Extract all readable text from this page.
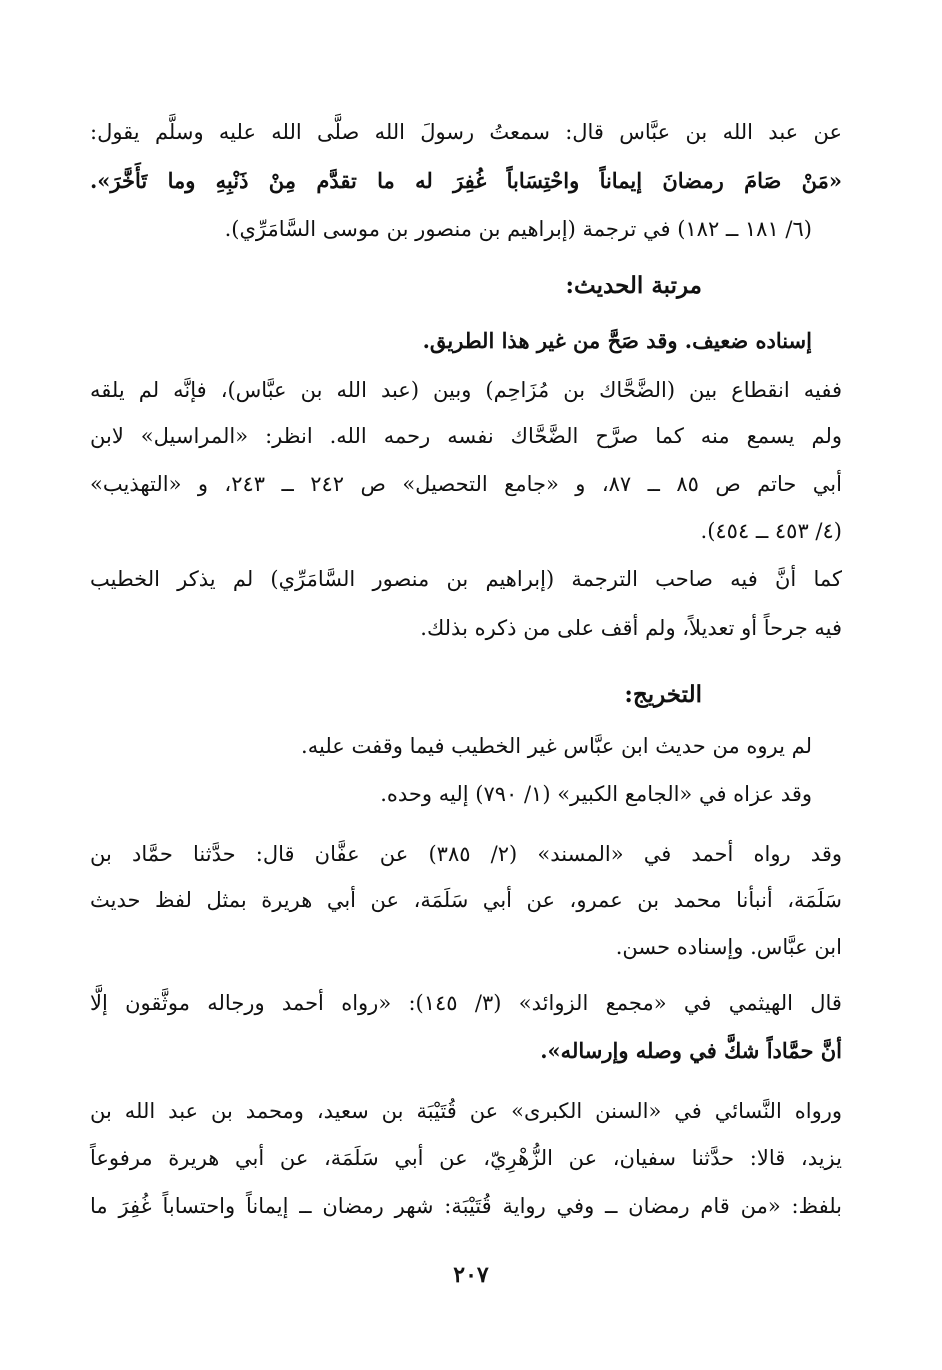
عن عبد الله بن عبَّاس قال: سمعتُ رسولَ الله صلَّى الله عليه وسلَّم يقول:
«مَنْ صَامَ رمضانَ إيماناً واحْتِسَاباً غُفِرَ له ما تقدَّم مِنْ ذَنْبِهِ وما تَأَخَّرَ».
(٦/ ١٨١ ــ ١٨٢) في ترجمة (إبراهيم بن منصور بن موسى السَّامَرِّي).
مرتبة الحديث:
إسناده ضعيف. وقد صَحَّ من غير هذا الطريق.
ففيه انقطاع بين (الضَّحَّاك بن مُزَاحِم) وبين (عبد الله بن عبَّاس)، فإنَّه لم يلقه
ولم يسمع منه كما صرَّح الضَّحَّاك نفسه رحمه الله. انظر: «المراسيل» لابن
أبي حاتم ص ٨٥ ــ ٨٧، و «جامع التحصيل» ص ٢٤٢ ــ ٢٤٣، و «التهذيب»
(٤/ ٤٥٣ ــ ٤٥٤).
كما أنَّ فيه صاحب الترجمة (إبراهيم بن منصور السَّامَرِّي) لم يذكر الخطيب
فيه جرحاً أو تعديلاً، ولم أقف على من ذكره بذلك.
التخريج:
لم يروه من حديث ابن عبَّاس غير الخطيب فيما وقفت عليه.
وقد عزاه في «الجامع الكبير» (١/ ٧٩٠) إليه وحده.
وقد رواه أحمد في «المسند» (٢/ ٣٨٥) عن عفَّان قال: حدَّثنا حمَّاد بن
سَلَمَة، أنبأنا محمد بن عمرو، عن أبي سَلَمَة، عن أبي هريرة بمثل لفظ حديث
ابن عبَّاس. وإسناده حسن.
قال الهيثمي في «مجمع الزوائد» (٣/ ١٤٥): «رواه أحمد ورجاله موثَّقون إلَّا
أنَّ حمَّاداً شكَّ في وصله وإرساله».
ورواه النَّسائي في «السنن الكبرى» عن قُتَيْبَة بن سعيد، ومحمد بن عبد الله بن
يزيد، قالا: حدَّثنا سفيان، عن الزُّهْرِيّ، عن أبي سَلَمَة، عن أبي هريرة مرفوعاً
بلفظ: «من قام رمضان ــ وفي رواية قُتَيْبَة: شهر رمضان ــ إيماناً واحتساباً غُفِرَ ما
٢٠٧
